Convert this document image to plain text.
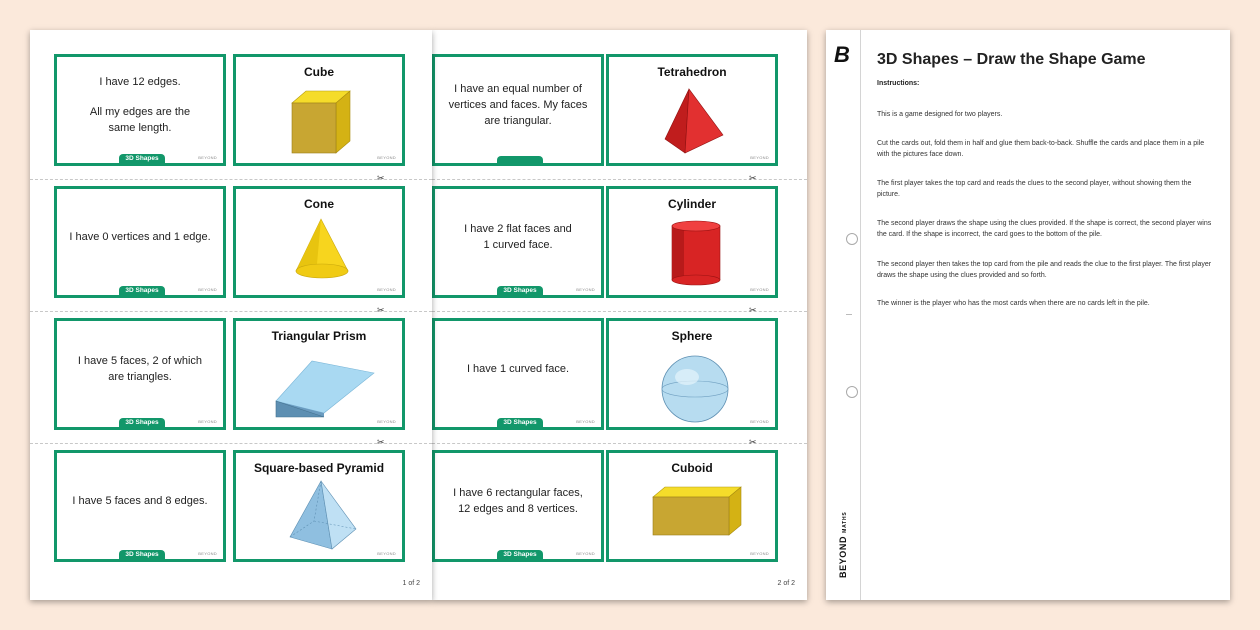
I have 12 edges.
All my edges are the
same length.
3D Shapes	BEYOND
Cube
BEYOND
✂
I have 0 vertices and 1 edge.
3D Shapes	BEYOND
Cone
BEYOND
✂
I have 5 faces, 2 of which
are triangles.
3D Shapes	BEYOND
Triangular Prism
BEYOND
✂
I have 5 faces and 8 edges.
3D Shapes	BEYOND
Square-based Pyramid
BEYOND
1 of 2
I have an equal number of
vertices and faces. My faces
are triangular.
Tetrahedron
BEYOND
✂
I have 2 flat faces and
1 curved face.
3D Shapes	BEYOND
Cylinder
BEYOND
✂
I have 1 curved face.
3D Shapes	BEYOND
Sphere
BEYOND
✂
I have 6 rectangular faces,
12 edges and 8 vertices.
3D Shapes	BEYOND
Cuboid
BEYOND
2 of 2
B
BEYONDMATHS
3D Shapes – Draw the Shape Game
Instructions:
This is a game designed for two players.
Cut the cards out, fold them in half and glue them back-to-back. Shuffle the cards and place them in a pile with the pictures face down.
The first player takes the top card and reads the clues to the second player, without showing them the picture.
The second player draws the shape using the clues provided. If the shape is correct, the second player wins the card. If the shape is incorrect, the card goes to the bottom of the pile.
The second player then takes the top card from the pile and reads the clue to the first player. The first player draws the shape using the clues provided and so forth.
The winner is the player who has the most cards when there are no cards left in the pile.
